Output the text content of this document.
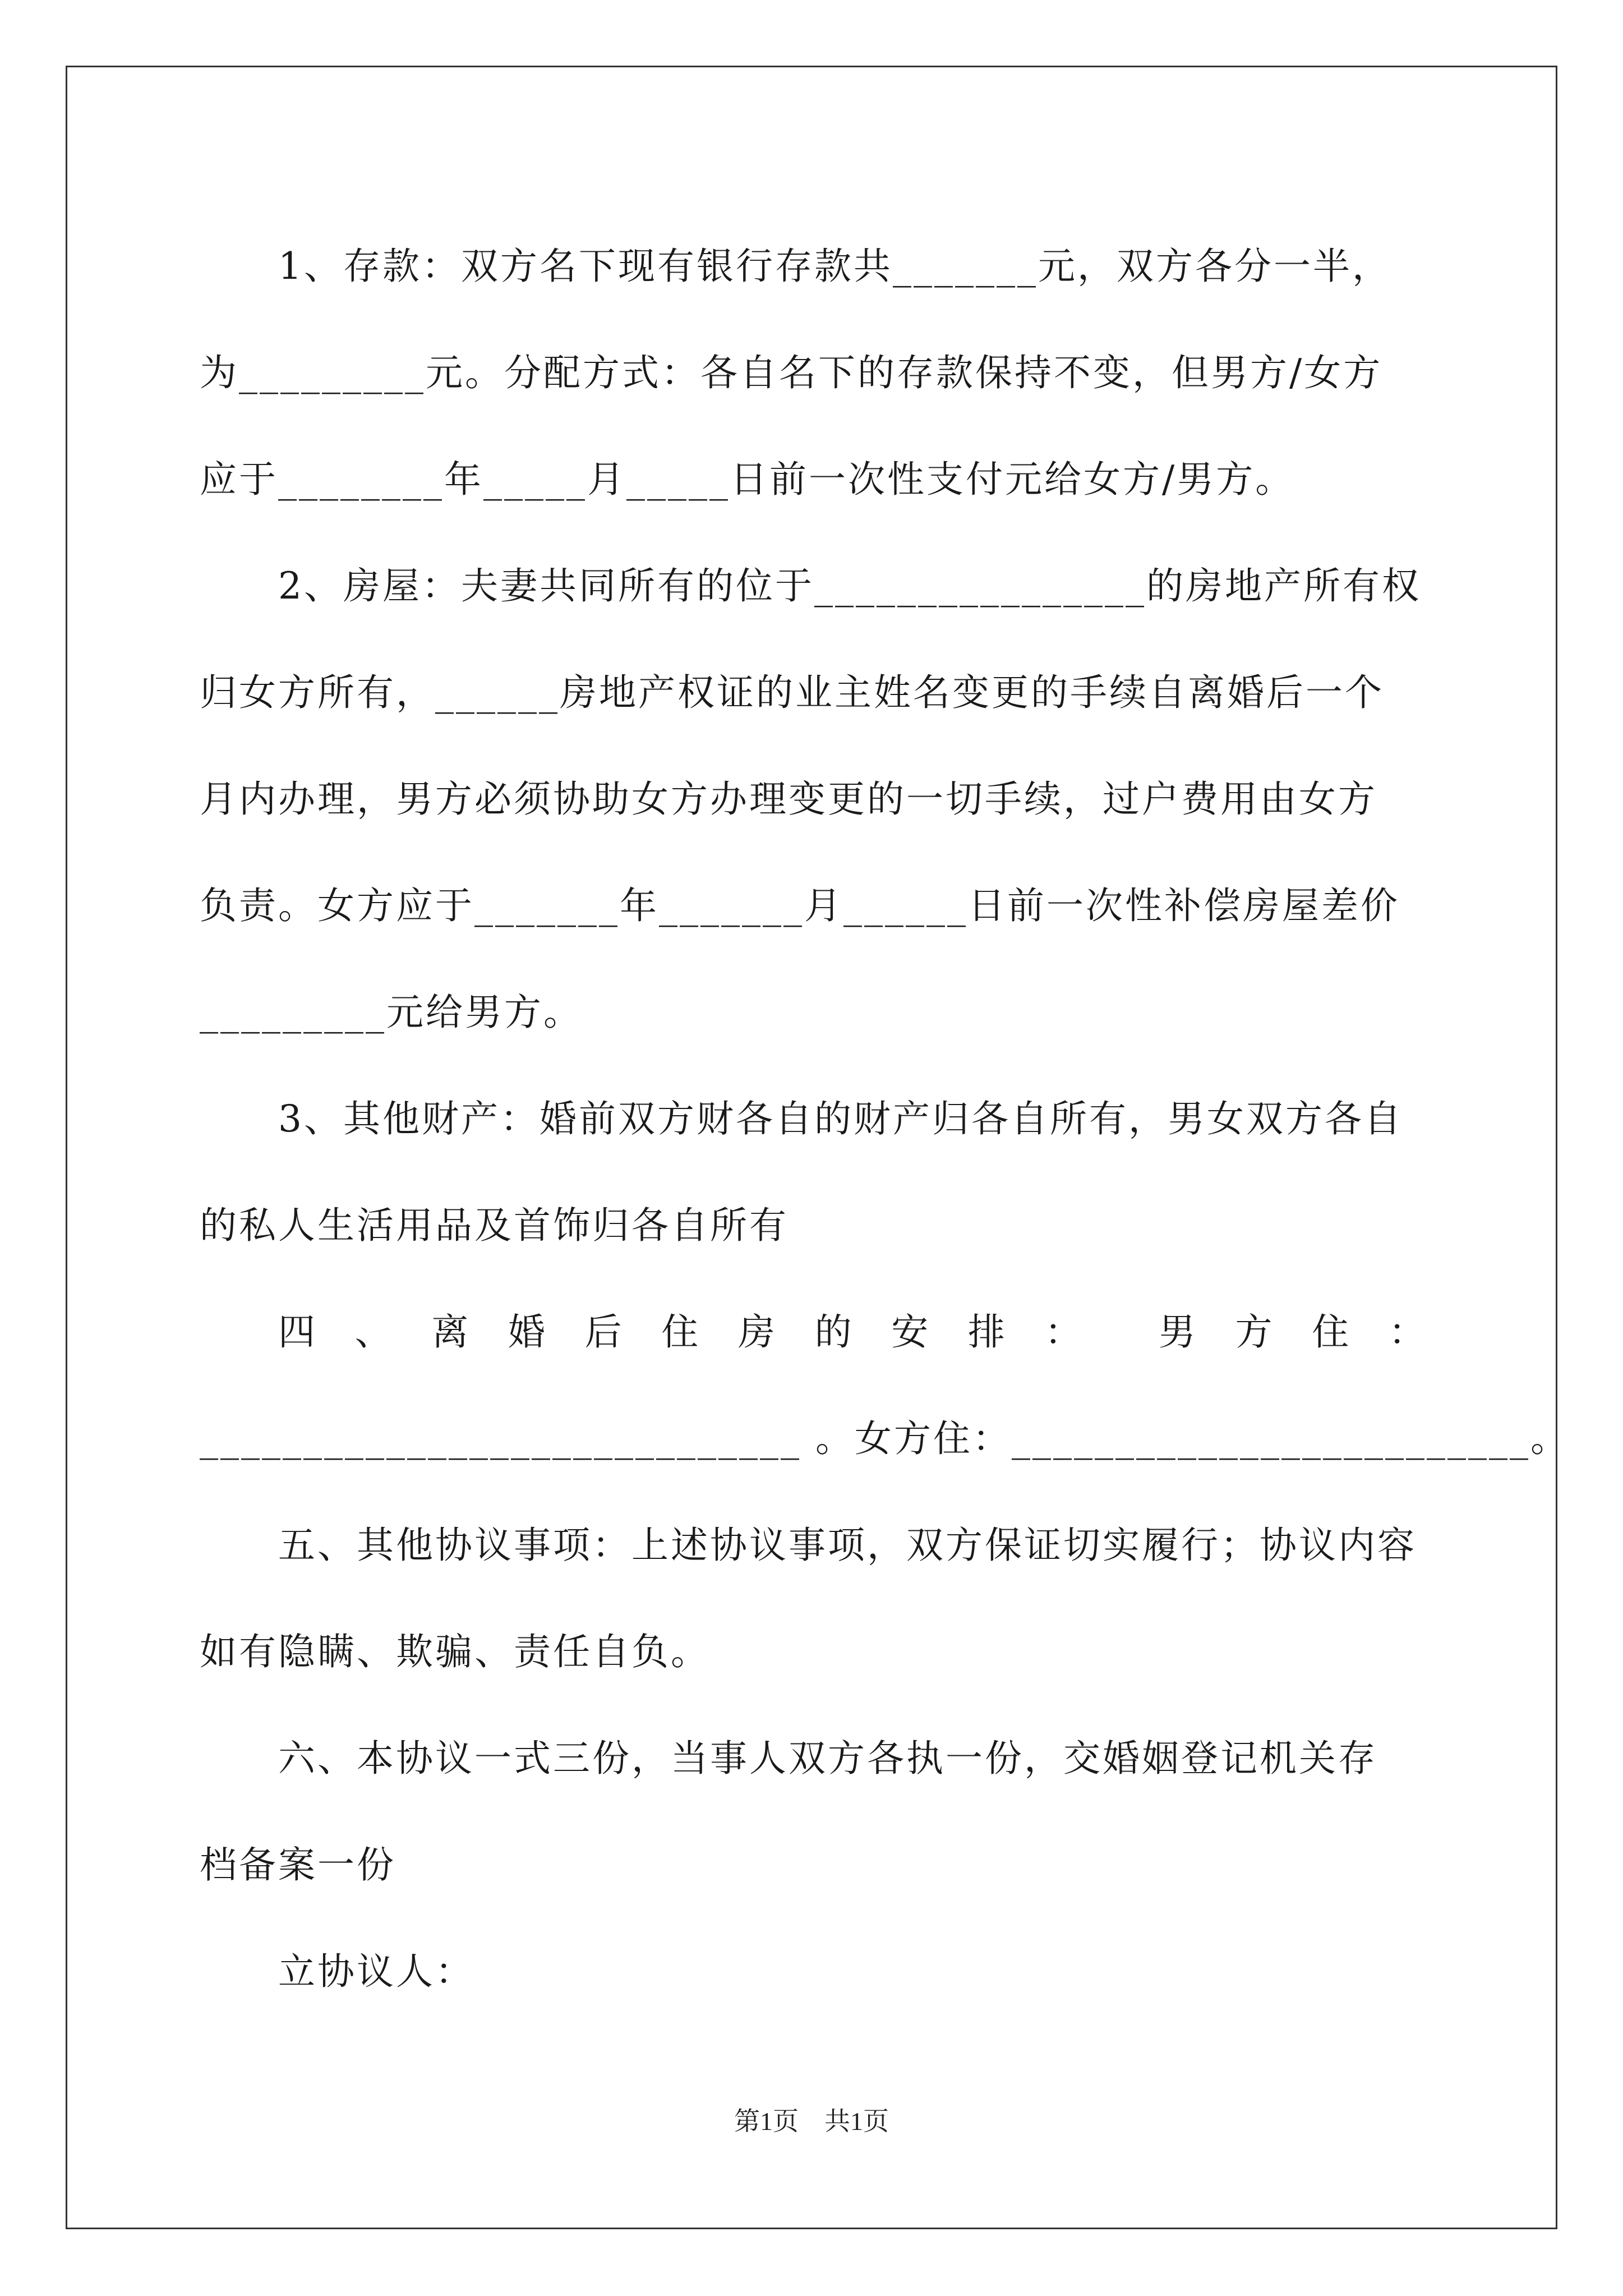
1、存款：双方名下现有银行存款共_______元，双方各分一半，
为_________元。分配方式：各自名下的存款保持不变，但男方/女方
应于________年_____月_____日前一次性支付元给女方/男方。
2、房屋：夫妻共同所有的位于________________的房地产所有权
归女方所有，______房地产权证的业主姓名变更的手续自离婚后一个
月内办理，男方必须协助女方办理变更的一切手续，过户费用由女方
负责。女方应于_______年_______月______日前一次性补偿房屋差价
_________元给男方。
3、其他财产：婚前双方财各自的财产归各自所有，男女双方各自
的私人生活用品及首饰归各自所有
四 、 离 婚 后 住 房 的 安 排 ： 男 方 住 ：
_____________________________ 。女方住：_________________________。
五、其他协议事项：上述协议事项，双方保证切实履行；协议内容
如有隐瞒、欺骗、责任自负。
六、本协议一式三份，当事人双方各执一份，交婚姻登记机关存
档备案一份
立协议人：
第1页　共1页
